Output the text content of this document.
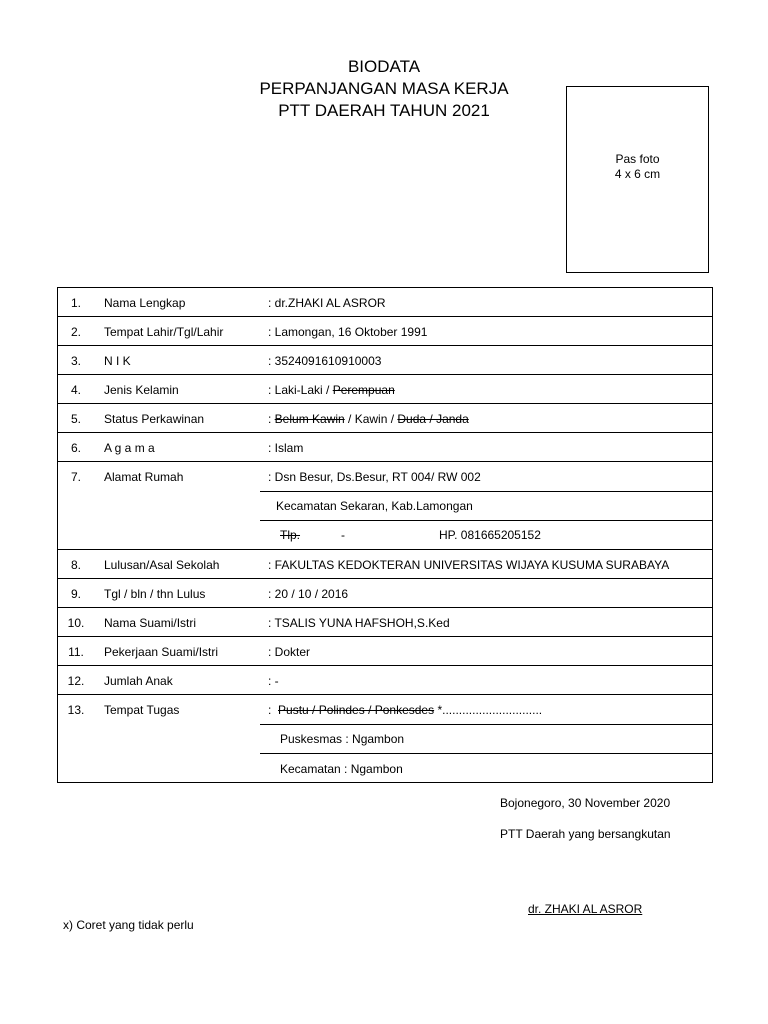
BIODATA
PERPANJANGAN MASA KERJA
PTT DAERAH TAHUN 2021
Pas foto
4 x 6 cm
1.	Nama Lengkap	: dr.ZHAKI AL ASROR
2.	Tempat Lahir/Tgl/Lahir	: Lamongan, 16 Oktober 1991
3.	N I K	: 3524091610910003
4.	Jenis Kelamin	: Laki-Laki / Perempuan
5.	Status Perkawinan	: Belum Kawin / Kawin / Duda / Janda
6.	A g a m a	: Islam
7.	Alamat Rumah	: Dsn Besur, Ds.Besur, RT 004/ RW 002
Kecamatan Sekaran, Kab.Lamongan
Tlp.	-	HP. 081665205152
8.	Lulusan/Asal Sekolah	: FAKULTAS KEDOKTERAN UNIVERSITAS WIJAYA KUSUMA SURABAYA
9.	Tgl / bln / thn Lulus	: 20 / 10 / 2016
10. Nama Suami/Istri	: TSALIS YUNA HAFSHOH,S.Ked
11. Pekerjaan Suami/Istri	: Dokter
12. Jumlah Anak	: -
13. Tempat Tugas	:  Pustu / Polindes / Ponkesdes *..............................
Puskesmas : Ngambon
Kecamatan : Ngambon
Bojonegoro, 30 November 2020
PTT Daerah yang bersangkutan
dr. ZHAKI AL ASROR
x) Coret yang tidak perlu
